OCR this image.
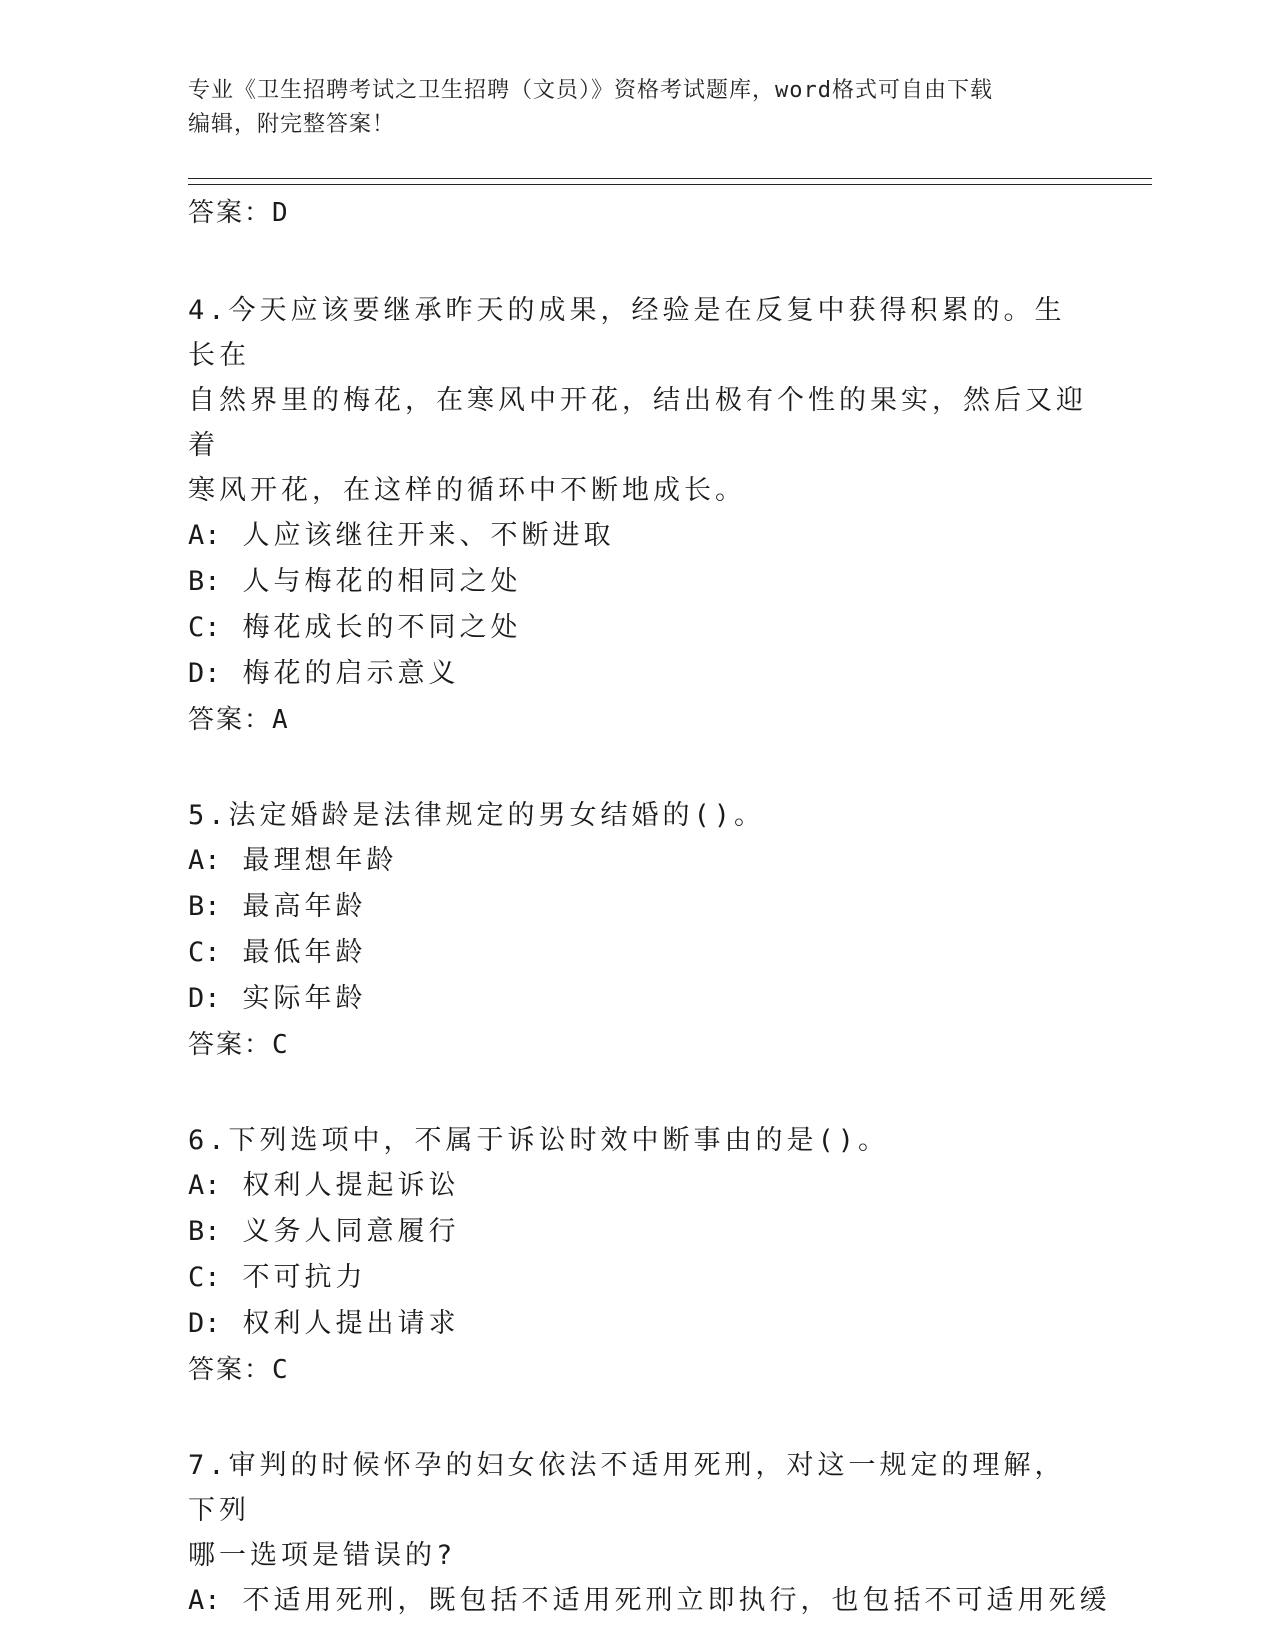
专业《卫生招聘考试之卫生招聘（文员）》资格考试题库，word格式可自由下载
编辑，附完整答案！

答案：D

4.今天应该要继承昨天的成果，经验是在反复中获得积累的。生长在

自然界里的梅花，在寒风中开花，结出极有个性的果实，然后又迎着

寒风开花，在这样的循环中不断地成长。

A: 人应该继往开来、不断进取

B: 人与梅花的相同之处

C: 梅花成长的不同之处

D: 梅花的启示意义

答案：A

5.法定婚龄是法律规定的男女结婚的()。

A: 最理想年龄

B: 最高年龄

C: 最低年龄

D: 实际年龄

答案：C

6.下列选项中，不属于诉讼时效中断事由的是()。

A: 权利人提起诉讼

B: 义务人同意履行

C: 不可抗力

D: 权利人提出请求

答案：C

7.审判的时候怀孕的妇女依法不适用死刑，对这一规定的理解，下列

哪一选项是错误的?

A: 不适用死刑，既包括不适用死刑立即执行，也包括不可适用死缓
